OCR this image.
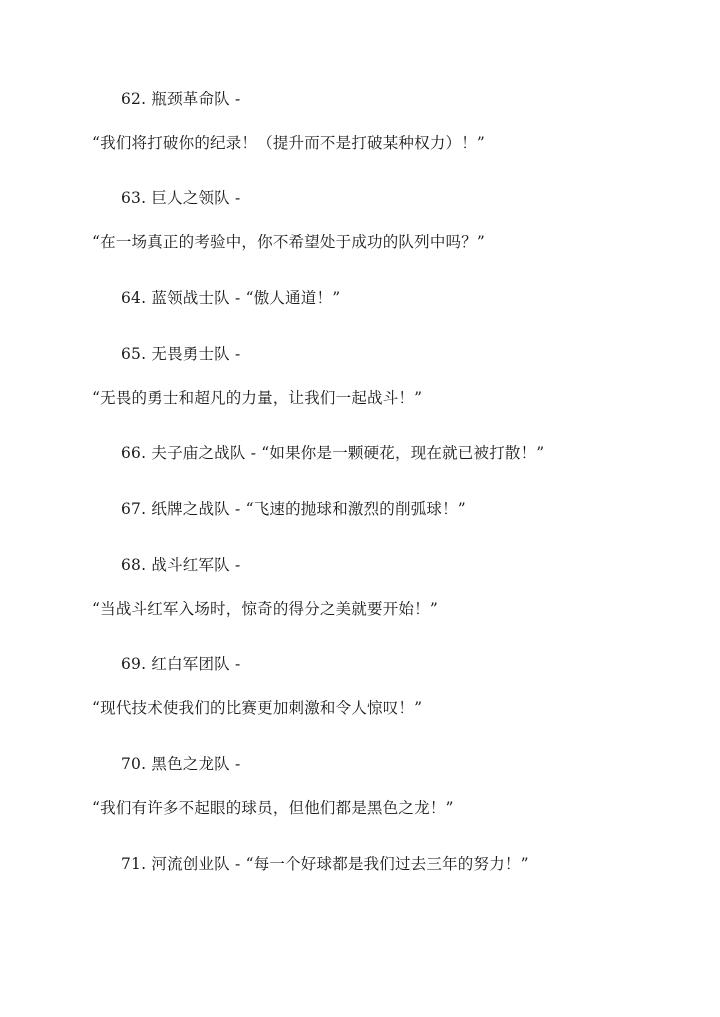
62. 瓶颈革命队 -
“我们将打破你的纪录！（提升而不是打破某种权力）！”
63. 巨人之领队 -
“在一场真正的考验中，你不希望处于成功的队列中吗？”
64. 蓝领战士队 - “傲人通道！”
65. 无畏勇士队 -
“无畏的勇士和超凡的力量，让我们一起战斗！”
66. 夫子庙之战队 - “如果你是一颗硬花，现在就已被打散！”
67. 纸牌之战队 - “飞速的抛球和激烈的削弧球！”
68. 战斗红军队 -
“当战斗红军入场时，惊奇的得分之美就要开始！”
69. 红白军团队 -
“现代技术使我们的比赛更加刺激和令人惊叹！”
70. 黑色之龙队 -
“我们有许多不起眼的球员，但他们都是黑色之龙！”
71. 河流创业队 - “每一个好球都是我们过去三年的努力！”
